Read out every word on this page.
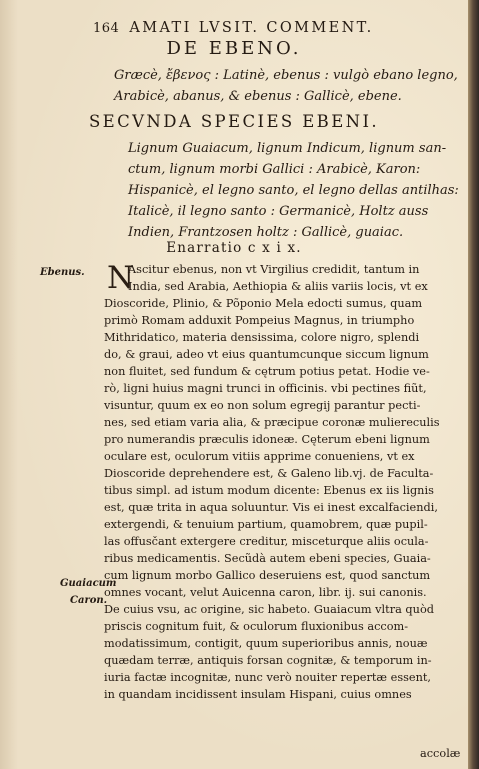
164 AMATI LVSIT. COMMENT.
DE EBENO.
Græcè, ἔβενος : Latinè, ebenus : vulgò ebano legno,
Arabicè, abanus, & ebenus : Gallicè, ebene.
SECVNDA SPECIES EBENI.
Lignum Guaiacum, lignum Indicum, lignum san-
ctum, lignum morbi Gallici : Arabicè, Karon:
Hispanicè, el legno santo, el legno dellas antilhas:
Italicè, il legno santo : Germanicè, Holtz auss
Indien, Frantzosen holtz : Gallicè, guaiac.
Enarratio c x i x.
Ebenus.
Guaiacum
Caron.
N
Ascitur ebenus, non vt Virgilius credidit, tantum in
India, sed Arabia, Aethiopia & aliis variis locis, vt ex
Dioscoride, Plinio, & Põponio Mela edocti sumus, quam
primò Romam adduxit Pompeius Magnus, in triumpho
Mithridatico, materia densissima, colore nigro, splendi
do, & graui, adeo vt eius quantumcunque siccum lignum
non fluitet, sed fundum & cętrum potius petat. Hodie ve-
rò, ligni huius magni trunci in officinis. vbi pectines fiũt,
visuntur, quum ex eo non solum egregij parantur pecti-
nes, sed etiam varia alia, & præcipue coronæ muliereculis
pro numerandis præculis idoneæ. Cęterum ebeni lignum
oculare est, oculorum vitiis apprime conueniens, vt ex
Dioscoride deprehendere est, & Galeno lib.vj. de Faculta-
tibus simpl. ad istum modum dicente: Ebenus ex iis lignis
est, quæ trita in aqua soluuntur. Vis ei inest excalfaciendi,
extergendi, & tenuium partium, quamobrem, quæ pupil-
las offusčant extergere creditur, misceturque aliis ocula-
ribus medicamentis. Secũdà autem ebeni species, Guaia-
cum lignum morbo Gallico deseruiens est, quod sanctum
omnes vocant, velut Auicenna caron, libr. ij. sui canonis.
De cuius vsu, ac origine, sic habeto. Guaiacum vltra quòd
priscis cognitum fuit, & oculorum fluxionibus accom-
modatissimum, contigit, quum superioribus annis, nouæ
quædam terræ, antiquis forsan cognitæ, & temporum in-
iuria factæ incognitæ, nunc verò nouiter repertæ essent,
in quandam incidissent insulam Hispani, cuius omnes
accolæ
